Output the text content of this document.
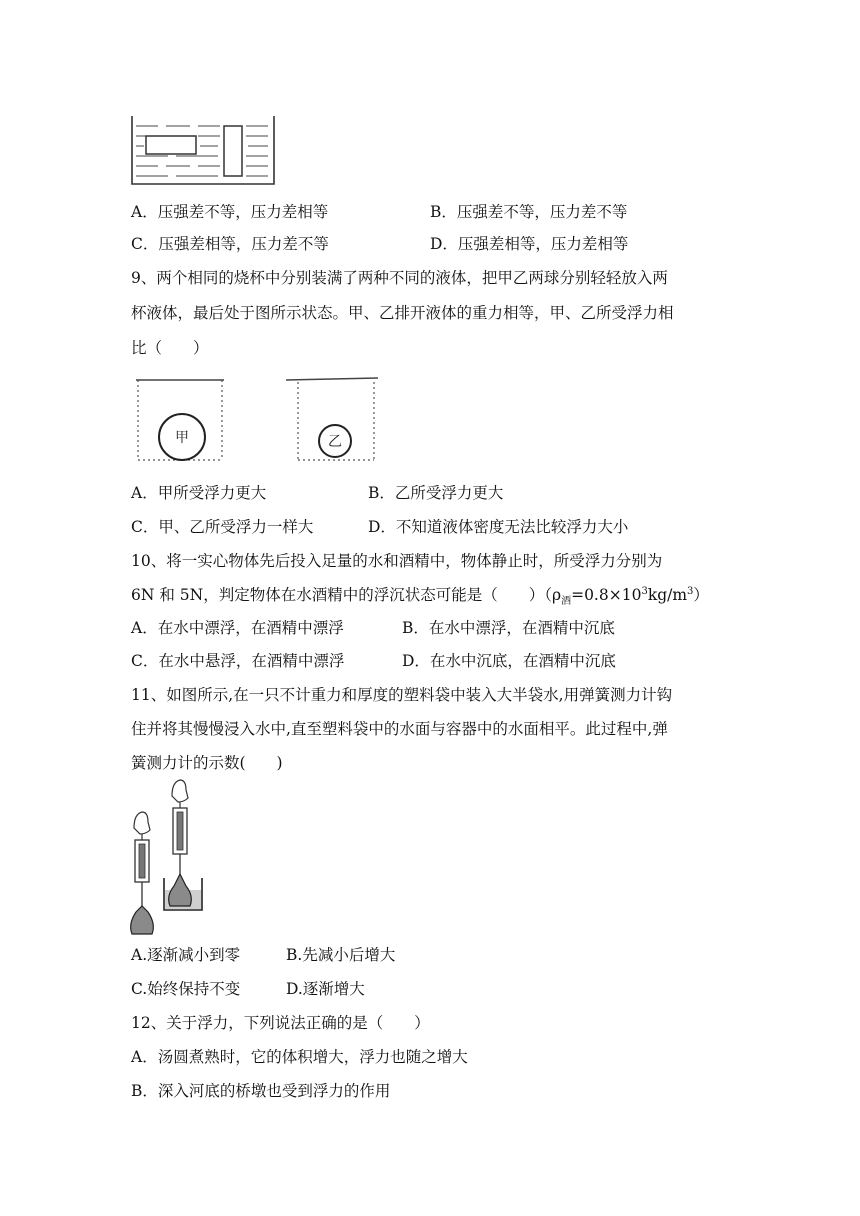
A．压强差不等，压力差相等	B．压强差不等，压力差不等
C．压强差相等，压力差不等	D．压强差相等，压力差相等
9、两个相同的烧杯中分别装满了两种不同的液体，把甲乙两球分别轻轻放入两
杯液体，最后处于图所示状态。甲、乙排开液体的重力相等，甲、乙所受浮力相
比（　　）
甲	乙
A．甲所受浮力更大	B．乙所受浮力更大
C．甲、乙所受浮力一样大	D．不知道液体密度无法比较浮力大小
10、将一实心物体先后投入足量的水和酒精中，物体静止时，所受浮力分别为
6N 和 5N，判定物体在水酒精中的浮沉状态可能是（　　）$(\rho_酒=0.8\times 10^3kg/m^3)$
A．在水中漂浮，在酒精中漂浮	B．在水中漂浮，在酒精中沉底
C．在水中悬浮，在酒精中漂浮	D．在水中沉底，在酒精中沉底
11、如图所示,在一只不计重力和厚度的塑料袋中装入大半袋水,用弹簧测力计钩
住并将其慢慢浸入水中,直至塑料袋中的水面与容器中的水面相平。此过程中,弹
簧测力计的示数(　　)
A.逐渐减小到零	B.先减小后增大
C.始终保持不变	D.逐渐增大
12、关于浮力，下列说法正确的是（　　）
A．汤圆煮熟时，它的体积增大，浮力也随之增大
B．深入河底的桥墩也受到浮力的作用
